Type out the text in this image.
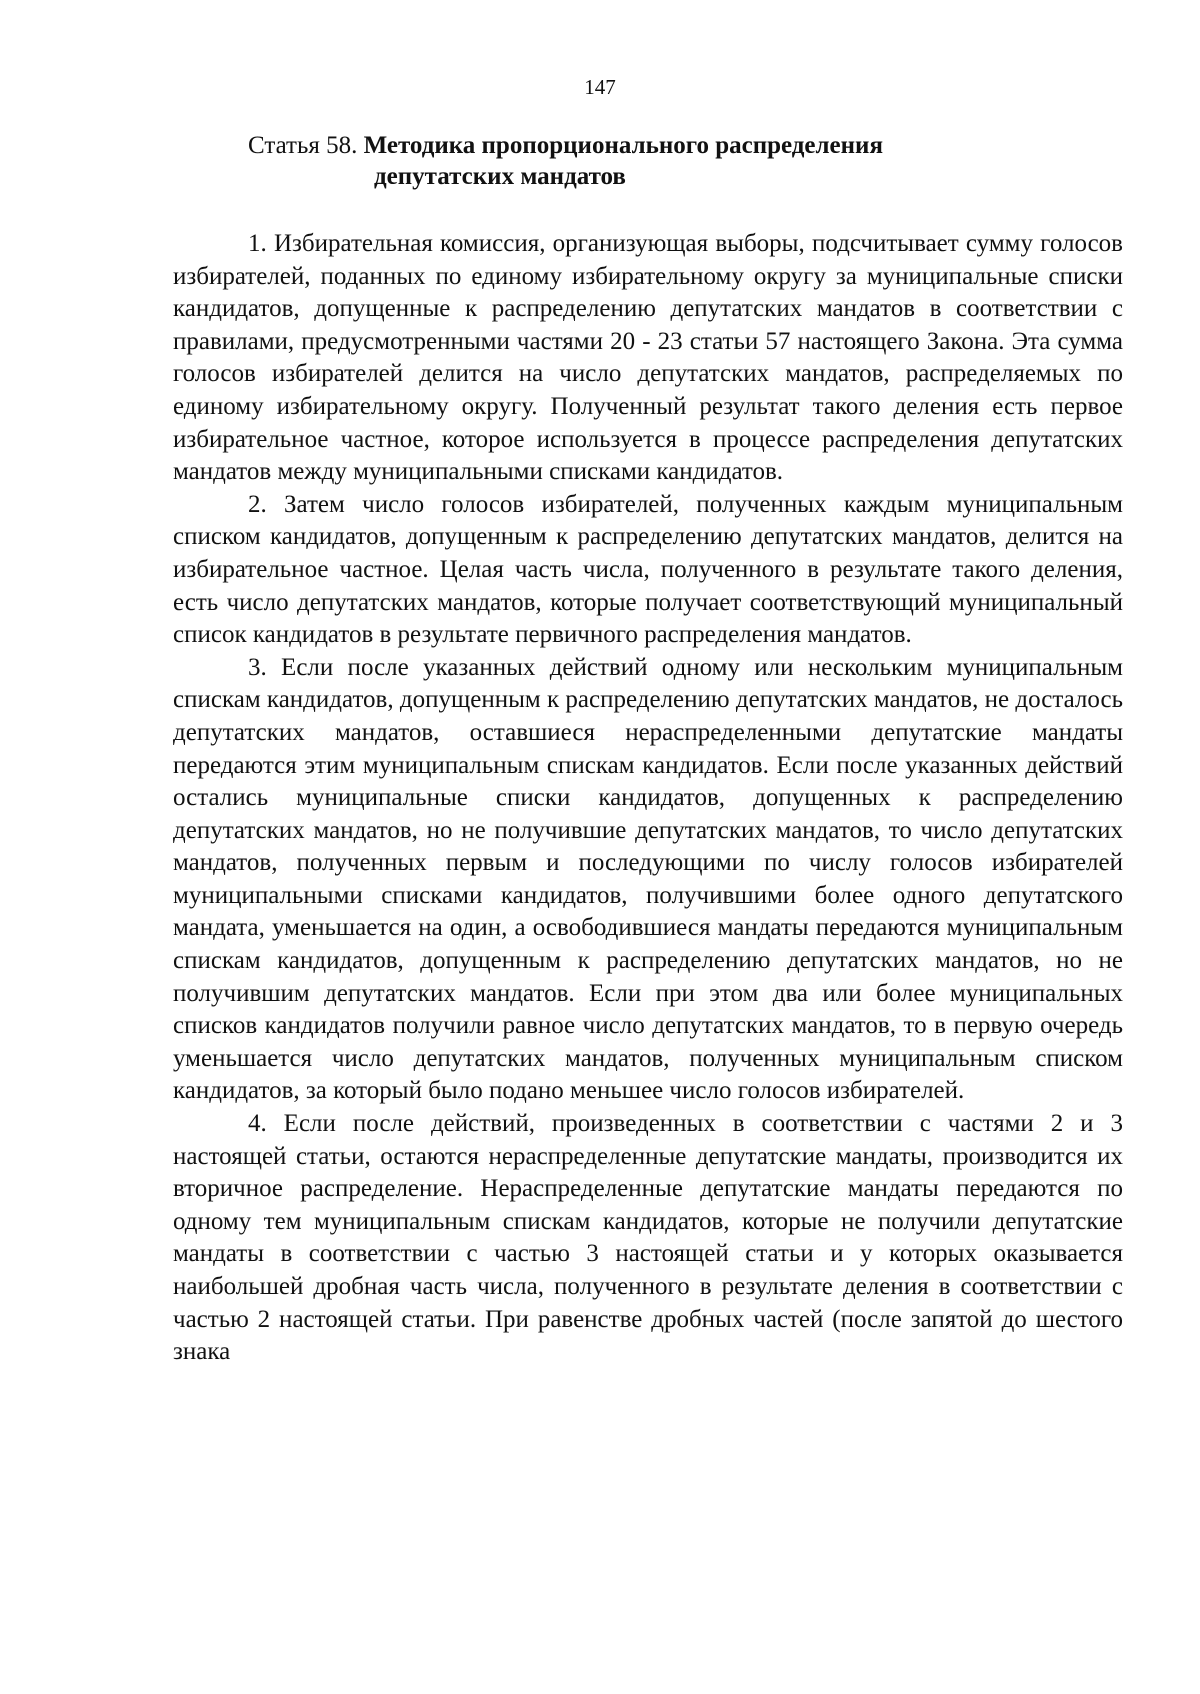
147
Статья 58. Методика пропорционального распределения
депутатских мандатов

1. Избирательная комиссия, организующая выборы, подсчитывает сумму голосов избирателей, поданных по единому избирательному округу за муниципальные списки кандидатов, допущенные к распределению депутатских мандатов в соответствии с правилами, предусмотренными частями 20 - 23 статьи 57 настоящего Закона. Эта сумма голосов избирателей делится на число депутатских мандатов, распределяемых по единому избирательному округу. Полученный результат такого деления есть первое избирательное частное, которое используется в процессе распределения депутатских мандатов между муниципальными списками кандидатов.

2. Затем число голосов избирателей, полученных каждым муниципальным списком кандидатов, допущенным к распределению депутатских мандатов, делится на избирательное частное. Целая часть числа, полученного в результате такого деления, есть число депутатских мандатов, которые получает соответствующий муниципальный список кандидатов в результате первичного распределения мандатов.

3. Если после указанных действий одному или нескольким муниципальным спискам кандидатов, допущенным к распределению депутатских мандатов, не досталось депутатских мандатов, оставшиеся нераспределенными депутатские мандаты передаются этим муниципальным спискам кандидатов. Если после указанных действий остались муниципальные списки кандидатов, допущенных к распределению депутатских мандатов, но не получившие депутатских мандатов, то число депутатских мандатов, полученных первым и последующими по числу голосов избирателей муниципальными списками кандидатов, получившими более одного депутатского мандата, уменьшается на один, а освободившиеся мандаты передаются муниципальным спискам кандидатов, допущенным к распределению депутатских мандатов, но не получившим депутатских мандатов. Если при этом два или более муниципальных списков кандидатов получили равное число депутатских мандатов, то в первую очередь уменьшается число депутатских мандатов, полученных муниципальным списком кандидатов, за который было подано меньшее число голосов избирателей.

4. Если после действий, произведенных в соответствии с частями 2 и 3 настоящей статьи, остаются нераспределенные депутатские мандаты, производится их вторичное распределение. Нераспределенные депутатские мандаты передаются по одному тем муниципальным спискам кандидатов, которые не получили депутатские мандаты в соответствии с частью 3 настоящей статьи и у которых оказывается наибольшей дробная часть числа, полученного в результате деления в соответствии с частью 2 настоящей статьи. При равенстве дробных частей (после запятой до шестого знака
